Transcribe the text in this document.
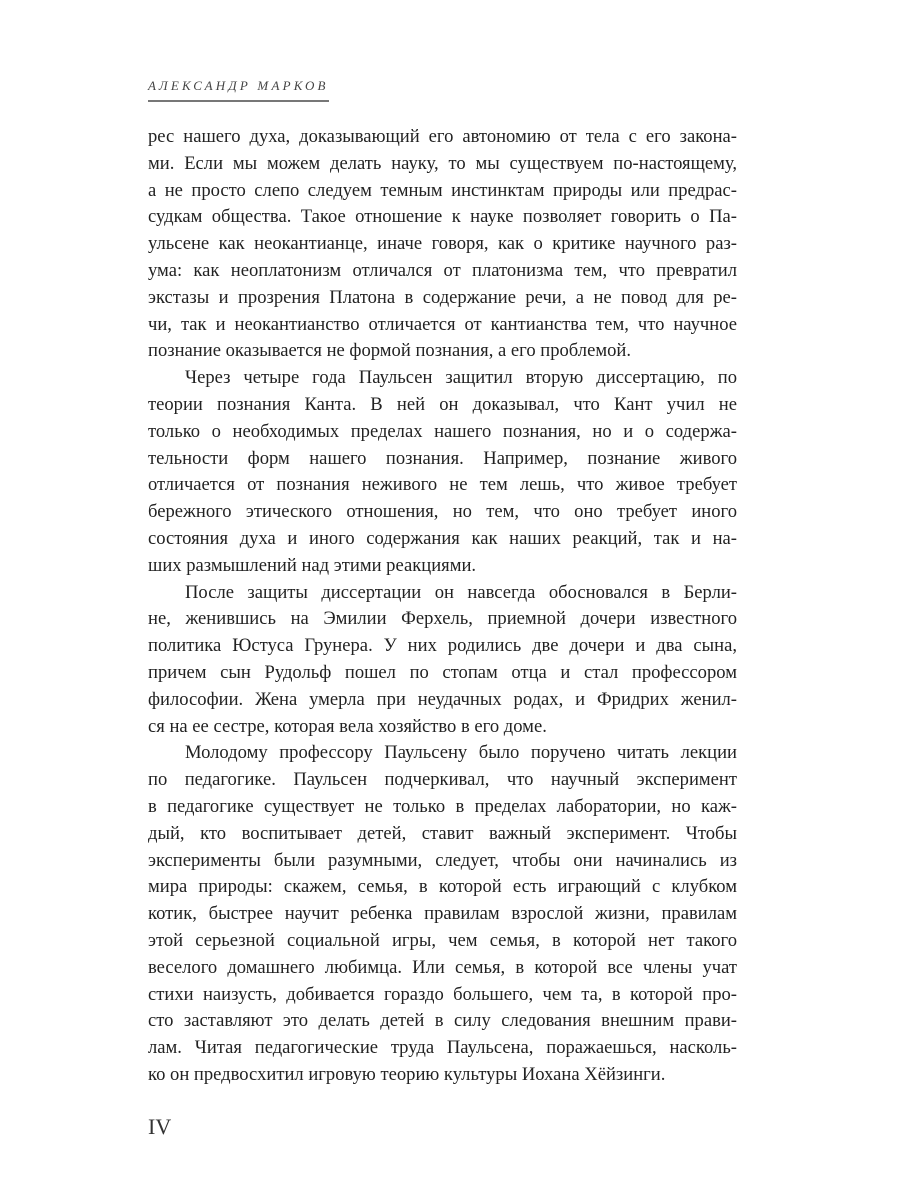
АЛЕКСАНДР МАРКОВ
рес нашего духа, доказывающий его автономию от тела с его закона-
ми. Если мы можем делать науку, то мы существуем по-настоящему,
а не просто слепо следуем темным инстинктам природы или предрас-
судкам общества. Такое отношение к науке позволяет говорить о Па-
ульсене как неокантианце, иначе говоря, как о критике научного раз-
ума: как неоплатонизм отличался от платонизма тем, что превратил
экстазы и прозрения Платона в содержание речи, а не повод для ре-
чи, так и неокантианство отличается от кантианства тем, что научное
познание оказывается не формой познания, а его проблемой.
Через четыре года Паульсен защитил вторую диссертацию, по
теории познания Канта. В ней он доказывал, что Кант учил не
только о необходимых пределах нашего познания, но и о содержа-
тельности форм нашего познания. Например, познание живого
отличается от познания неживого не тем лешь, что живое требует
бережного этического отношения, но тем, что оно требует иного
состояния духа и иного содержания как наших реакций, так и на-
ших размышлений над этими реакциями.
После защиты диссертации он навсегда обосновался в Берли-
не, женившись на Эмилии Ферхель, приемной дочери известного
политика Юстуса Грунера. У них родились две дочери и два сына,
причем сын Рудольф пошел по стопам отца и стал профессором
философии. Жена умерла при неудачных родах, и Фридрих женил-
ся на ее сестре, которая вела хозяйство в его доме.
Молодому профессору Паульсену было поручено читать лекции
по педагогике. Паульсен подчеркивал, что научный эксперимент
в педагогике существует не только в пределах лаборатории, но каж-
дый, кто воспитывает детей, ставит важный эксперимент. Чтобы
эксперименты были разумными, следует, чтобы они начинались из
мира природы: скажем, семья, в которой есть играющий с клубком
котик, быстрее научит ребенка правилам взрослой жизни, правилам
этой серьезной социальной игры, чем семья, в которой нет такого
веселого домашнего любимца. Или семья, в которой все члены учат
стихи наизусть, добивается гораздо большего, чем та, в которой про-
сто заставляют это делать детей в силу следования внешним прави-
лам. Читая педагогические труда Паульсена, поражаешься, насколь-
ко он предвосхитил игровую теорию культуры Иохана Хёйзинги.
IV
